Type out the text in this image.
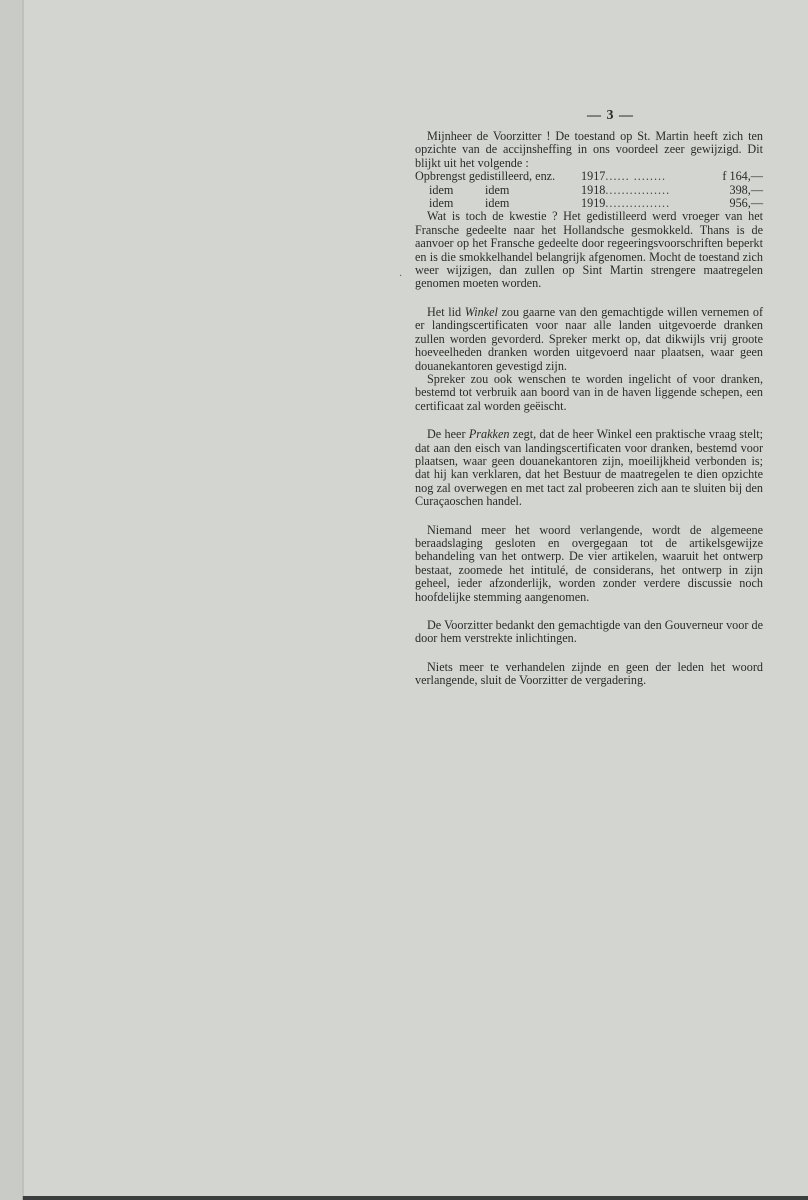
— 3 —
·

Mijnheer de Voorzitter ! De toestand op St. Martin heeft zich ten opzichte van de accijnsheffing in ons voordeel zeer gewijzigd. Dit blijkt uit het volgende :

Opbrengst gedistilleerd, enz.	1917...... ........	f 164,—
idem	idem	1918................	398,—
idem	idem	1919................	956,—

Wat is toch de kwestie ? Het gedistilleerd werd vroeger van het Fransche gedeelte naar het Hollandsche gesmokkeld. Thans is de aanvoer op het Fransche gedeelte door regeeringsvoorschriften beperkt en is die smokkelhandel belangrijk afgenomen. Mocht de toestand zich weer wijzigen, dan zullen op Sint Martin strengere maatregelen genomen moeten worden.

Het lid Winkel zou gaarne van den gemachtigde willen vernemen of er landingscertificaten voor naar alle landen uitgevoerde dranken zullen worden gevorderd. Spreker merkt op, dat dikwijls vrij groote hoeveelheden dranken worden uitgevoerd naar plaatsen, waar geen douanekantoren gevestigd zijn.

Spreker zou ook wenschen te worden ingelicht of voor dranken, bestemd tot verbruik aan boord van in de haven liggende schepen, een certificaat zal worden geëischt.

De heer Prakken zegt, dat de heer Winkel een praktische vraag stelt; dat aan den eisch van landingscertificaten voor dranken, bestemd voor plaatsen, waar geen douanekantoren zijn, moeilijkheid verbonden is; dat hij kan verklaren, dat het Bestuur de maatregelen te dien opzichte nog zal overwegen en met tact zal probeeren zich aan te sluiten bij den Curaçaoschen handel.

Niemand meer het woord verlangende, wordt de algemeene beraadslaging gesloten en overgegaan tot de artikelsgewijze behandeling van het ontwerp. De vier artikelen, waaruit het ontwerp bestaat, zoomede het intitulé, de considerans, het ontwerp in zijn geheel, ieder afzonderlijk, worden zonder verdere discussie noch hoofdelijke stemming aangenomen.

De Voorzitter bedankt den gemachtigde van den Gouverneur voor de door hem verstrekte inlichtingen.

Niets meer te verhandelen zijnde en geen der leden het woord verlangende, sluit de Voorzitter de vergadering.
